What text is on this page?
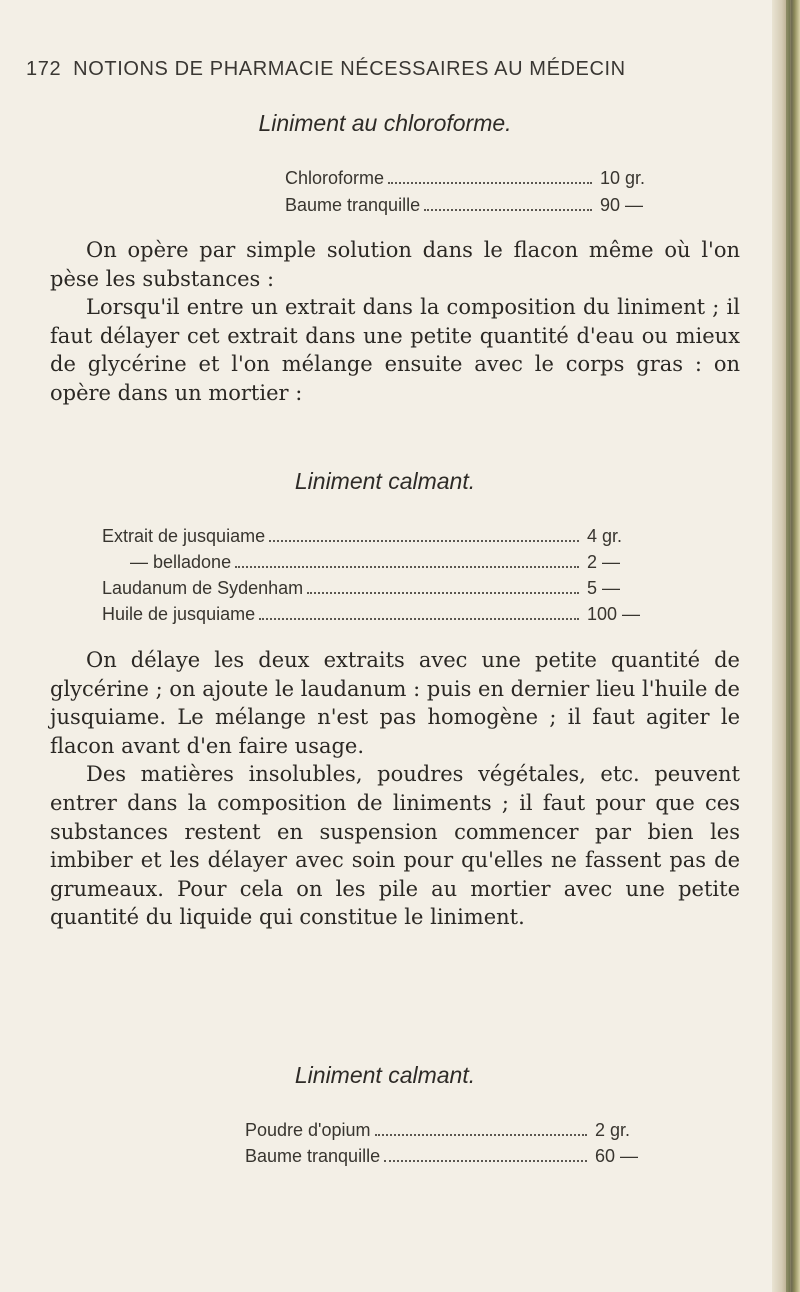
172 NOTIONS DE PHARMACIE NÉCESSAIRES AU MÉDECIN
Liniment au chloroforme.
Chloroforme	10 gr.
Baume tranquille	90 —

On opère par simple solution dans le flacon même où l'on pèse les substances :

Lorsqu'il entre un extrait dans la composition du liniment ; il faut délayer cet extrait dans une petite quantité d'eau ou mieux de glycérine et l'on mélange ensuite avec le corps gras : on opère dans un mortier :

Liniment calmant.
Extrait de jusquiame	4 gr.
— belladone	2 —
Laudanum de Sydenham	5 —
Huile de jusquiame	100 —

On délaye les deux extraits avec une petite quantité de glycérine ; on ajoute le laudanum : puis en dernier lieu l'huile de jusquiame. Le mélange n'est pas homogène ; il faut agiter le flacon avant d'en faire usage.

Des matières insolubles, poudres végétales, etc. peuvent entrer dans la composition de liniments ; il faut pour que ces substances restent en suspension commencer par bien les imbiber et les délayer avec soin pour qu'elles ne fassent pas de grumeaux. Pour cela on les pile au mortier avec une petite quantité du liquide qui constitue le liniment.

Liniment calmant.
Poudre d'opium	2 gr.
Baume tranquille	60 —
